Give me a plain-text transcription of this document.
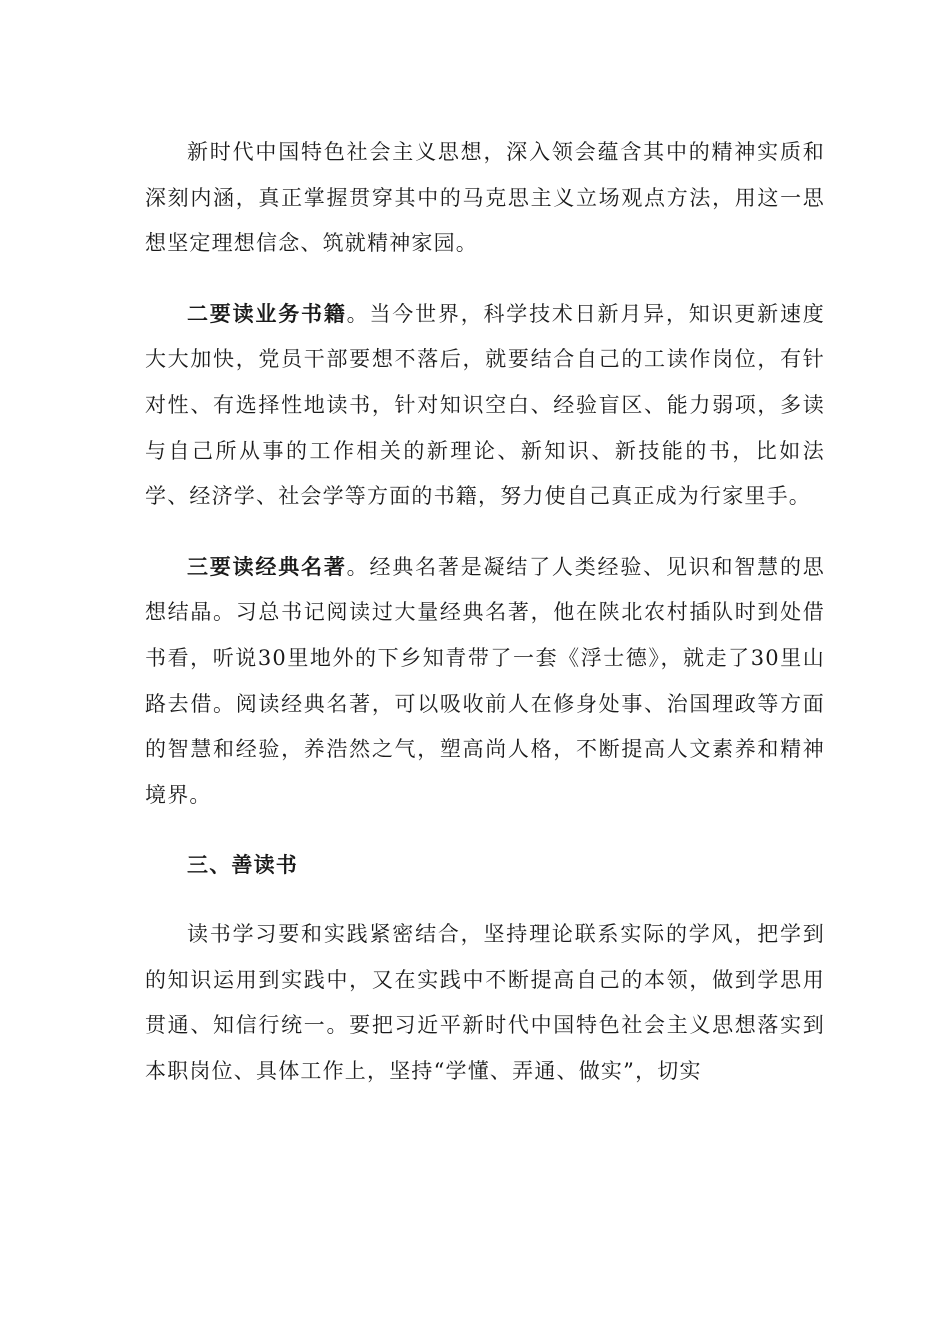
新时代中国特色社会主义思想，深入领会蕴含其中的精神实质和深刻内涵，真正掌握贯穿其中的马克思主义立场观点方法，用这一思想坚定理想信念、筑就精神家园。

二要读业务书籍。当今世界，科学技术日新月异，知识更新速度大大加快，党员干部要想不落后，就要结合自己的工读作岗位，有针对性、有选择性地读书，针对知识空白、经验盲区、能力弱项，多读与自己所从事的工作相关的新理论、新知识、新技能的书，比如法学、经济学、社会学等方面的书籍，努力使自己真正成为行家里手。

三要读经典名著。经典名著是凝结了人类经验、见识和智慧的思想结晶。习总书记阅读过大量经典名著，他在陕北农村插队时到处借书看，听说30里地外的下乡知青带了一套《浮士德》，就走了30里山路去借。阅读经典名著，可以吸收前人在修身处事、治国理政等方面的智慧和经验，养浩然之气，塑高尚人格，不断提高人文素养和精神境界。

三、善读书

读书学习要和实践紧密结合，坚持理论联系实际的学风，把学到的知识运用到实践中，又在实践中不断提高自己的本领，做到学思用贯通、知信行统一。要把习近平新时代中国特色社会主义思想落实到本职岗位、具体工作上，坚持“学懂、弄通、做实”，切实
